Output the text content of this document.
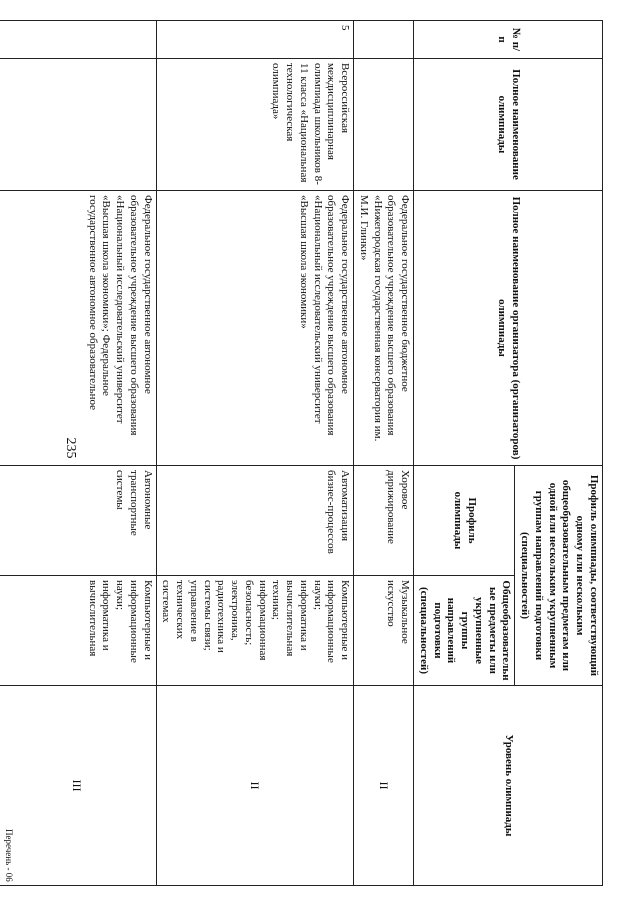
235
№ п/п	Полное наименование олимпиады	Полное наименование организатора (организаторов) олимпиады	Профиль олимпиады, соответствующий одному или нескольким общеобразовательным предметам или одной или нескольким укрупненным группам направлений подготовки (специальностей)		Уровень олимпиады
			Профиль олимпиады	Общеобразовательные предметы или укрупненные группы направлений подготовки (специальностей)	
		Федеральное государственное бюджетное образовательное учреждение высшего образования «Нижегородская государственная консерватория им. М.И. Глинки»	Хоровое дирижирование	Музыкальное искусство	II
5	Всероссийская междисциплинарная олимпиада школьников 8-11 класса «Национальная технологическая олимпиада»	Федеральное государственное автономное образовательное учреждение высшего образования «Национальный исследовательский университет «Высшая школа экономики»	Автоматизация бизнес-процессов	Компьютерные и информационные науки;
информатика и вычислительная техника;
информационная безопасность;
электроника, радиотехника и системы связи;
управление в технических системах	II
		Федеральное государственное автономное образовательное учреждение высшего образования «Национальный исследовательский университет «Высшая школа экономики»; Федеральное государственное автономное образовательное	Автономные транспортные системы	Компьютерные и информационные науки;
информатика и вычислительная	III
Перечень - 06
